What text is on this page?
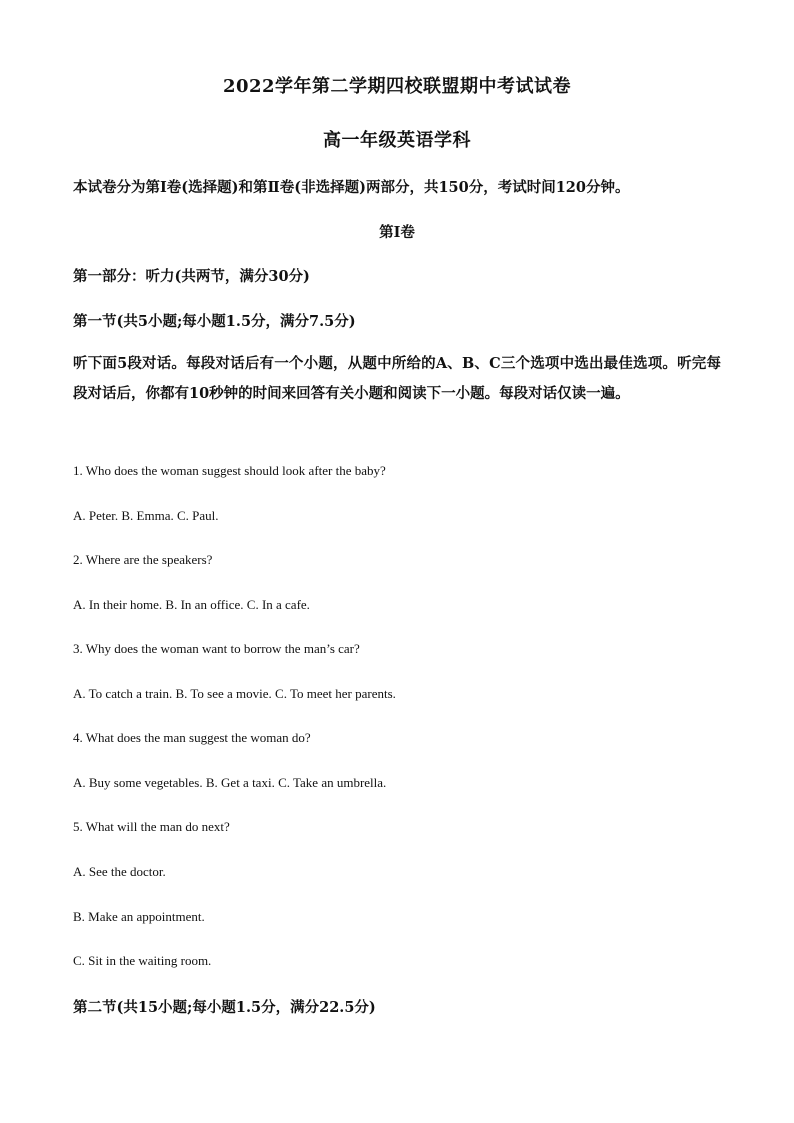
2022学年第二学期四校联盟期中考试试卷
高一年级英语学科
本试卷分为第Ⅰ卷(选择题)和第Ⅱ卷(非选择题)两部分，共150分，考试时间120分钟。
第Ⅰ卷
第一部分：听力(共两节，满分30分)
第一节(共5小题;每小题1.5分，满分7.5分)
听下面5段对话。每段对话后有一个小题，从题中所给的A、B、C三个选项中选出最佳选项。听完每段对话后，你都有10秒钟的时间来回答有关小题和阅读下一小题。每段对话仅读一遍。
1. Who does the woman suggest should look after the baby?
A. Peter. B. Emma. C. Paul.
2. Where are the speakers?
A. In their home. B. In an office. C. In a cafe.
3. Why does the woman want to borrow the man’s car?
A. To catch a train. B. To see a movie. C. To meet her parents.
4. What does the man suggest the woman do?
A. Buy some vegetables. B. Get a taxi. C. Take an umbrella.
5. What will the man do next?
A. See the doctor.
B. Make an appointment.
C. Sit in the waiting room.
第二节(共15小题;每小题1.5分，满分22.5分)
